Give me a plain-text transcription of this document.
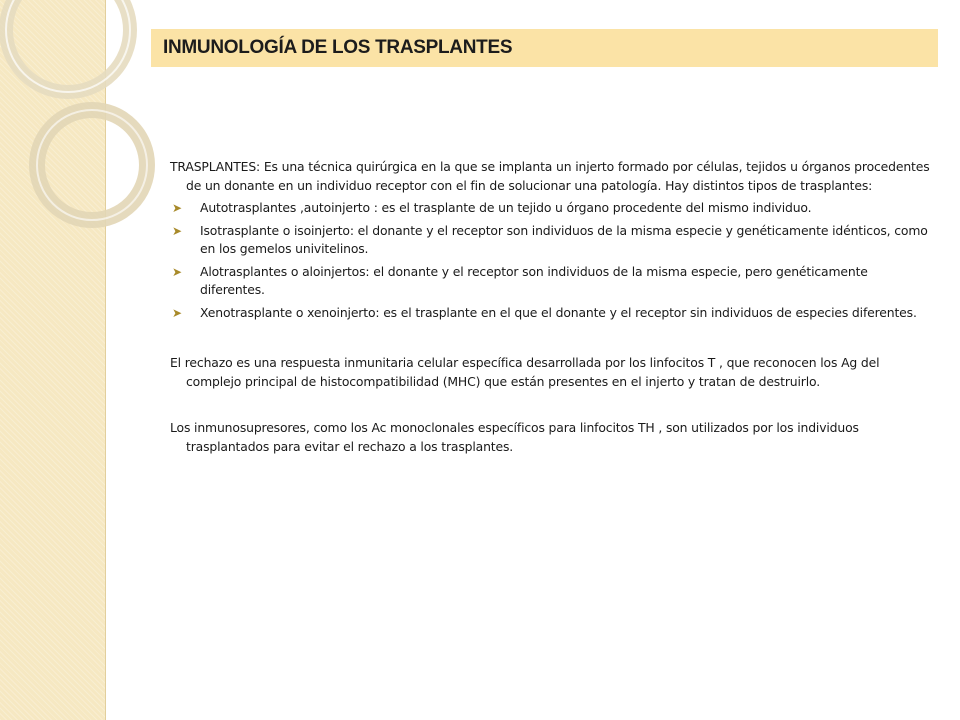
INMUNOLOGÍA DE LOS TRASPLANTES

TRASPLANTES: Es una técnica quirúrgica en la que se implanta un injerto formado por células, tejidos u órganos procedentes de un donante en un individuo receptor con el fin de solucionar una patología. Hay distintos tipos de trasplantes:

➤ Autotrasplantes ,autoinjerto : es el trasplante de un tejido u órgano procedente del mismo individuo.
➤ Isotrasplante o isoinjerto: el donante y el receptor son individuos de la misma especie y genéticamente idénticos, como en los gemelos univitelinos.
➤ Alotrasplantes o aloinjertos: el donante y el receptor son individuos de la misma especie, pero genéticamente diferentes.
➤ Xenotrasplante o xenoinjerto: es el trasplante en el que el donante y el receptor sin individuos de especies diferentes.

El rechazo es una respuesta inmunitaria celular específica desarrollada por los linfocitos T , que reconocen los Ag del complejo principal de histocompatibilidad (MHC) que están presentes en el injerto y tratan de destruirlo.

Los inmunosupresores, como los Ac monoclonales específicos para linfocitos TH , son utilizados por los individuos trasplantados para evitar el rechazo a los trasplantes.
